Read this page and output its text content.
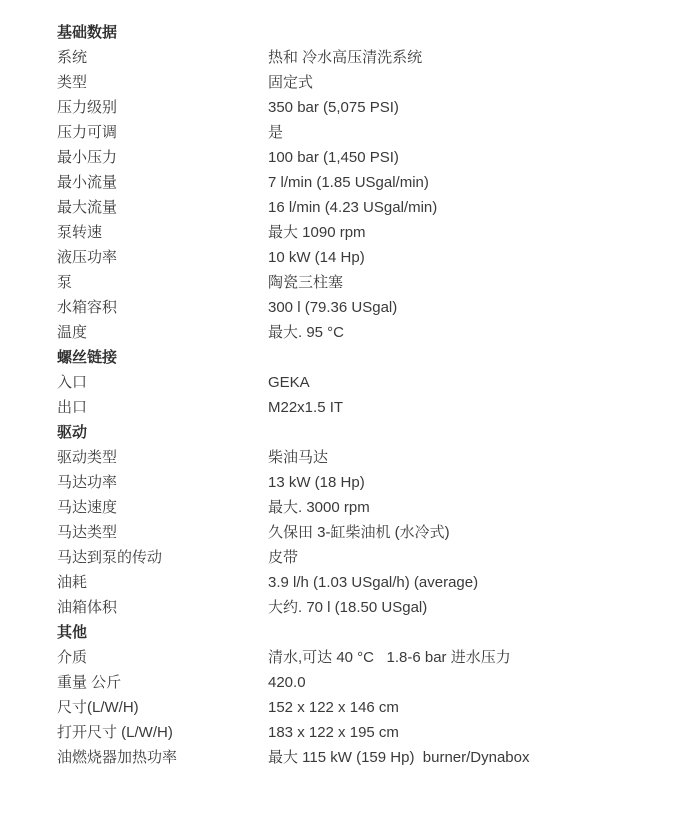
基础数据
系统	热和 冷水高压清洗系统
类型	固定式
压力级别	350 bar (5,075 PSI)
压力可调	是
最小压力	100 bar (1,450 PSI)
最小流量	7 l/min (1.85 USgal/min)
最大流量	16 l/min (4.23 USgal/min)
泵转速	最大 1090 rpm
液压功率	10 kW (14 Hp)
泵	陶瓷三柱塞
水箱容积	300 l (79.36 USgal)
温度	最大. 95 °C
螺丝链接
入口	GEKA
出口	M22x1.5 IT
驱动
驱动类型	柴油马达
马达功率	13 kW (18 Hp)
马达速度	最大. 3000 rpm
马达类型	久保田 3-缸柴油机 (水冷式)
马达到泵的传动	皮带
油耗	3.9 l/h (1.03 USgal/h) (average)
油箱体积	大约. 70 l (18.50 USgal)
其他
介质	清水,可达 40 °C   1.8-6 bar 进水压力
重量 公斤	420.0
尺寸(L/W/H)	152 x 122 x 146 cm
打开尺寸 (L/W/H)	183 x 122 x 195 cm
油燃烧器加热功率	最大 115 kW (159 Hp)  burner/Dynabox
